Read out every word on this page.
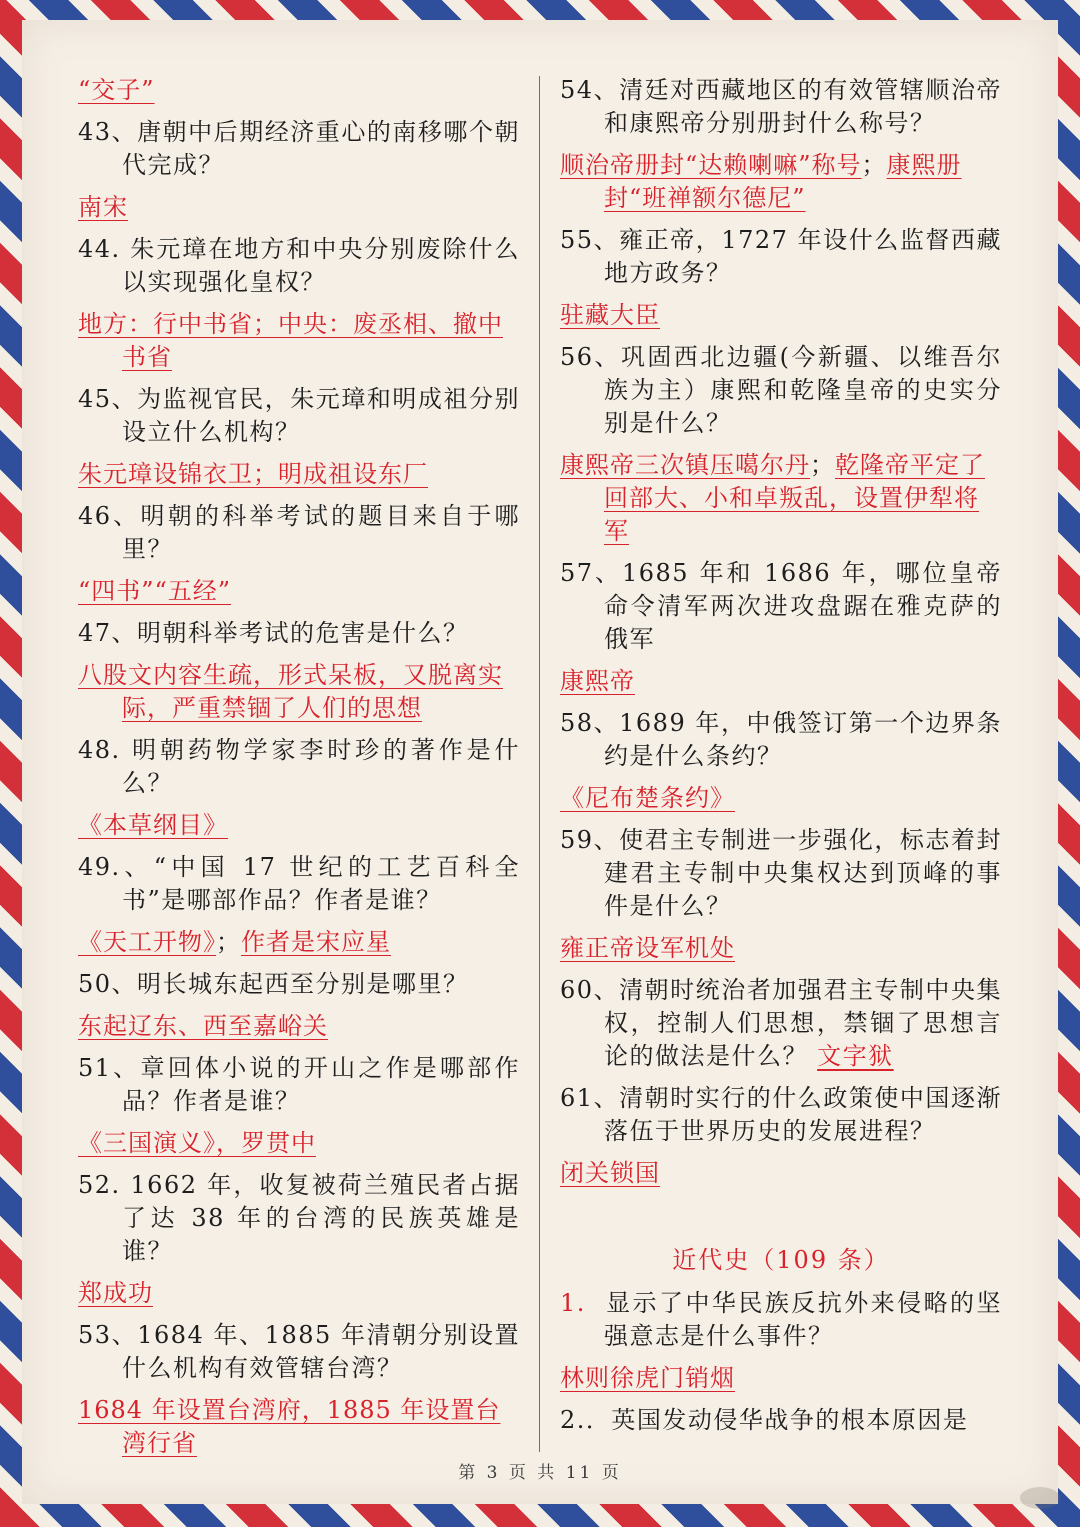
“交子”
43、唐朝中后期经济重心的南移哪个朝代完成？
南宋
44. 朱元璋在地方和中央分别废除什么以实现强化皇权？
地方：行中书省；中央：废丞相、撤中书省
45、为监视官民，朱元璋和明成祖分别设立什么机构？
朱元璋设锦衣卫；明成祖设东厂
46、明朝的科举考试的题目来自于哪里？
“四书”“五经”
47、明朝科举考试的危害是什么？
八股文内容生疏，形式呆板，又脱离实际，严重禁锢了人们的思想
48. 明朝药物学家李时珍的著作是什么？
《本草纲目》
49.、“中国 17 世纪的工艺百科全书”是哪部作品？作者是谁？
《天工开物》；作者是宋应星
50、明长城东起西至分别是哪里？
东起辽东、西至嘉峪关
51、章回体小说的开山之作是哪部作品？作者是谁？
《三国演义》，罗贯中
52. 1662 年，收复被荷兰殖民者占据了达 38 年的台湾的民族英雄是谁？
郑成功
53、1684 年、1885 年清朝分别设置什么机构有效管辖台湾？
1684 年设置台湾府，1885 年设置台湾行省
54、清廷对西藏地区的有效管辖顺治帝和康熙帝分别册封什么称号？
顺治帝册封“达赖喇嘛”称号；康熙册封“班禅额尔德尼”
55、雍正帝，1727 年设什么监督西藏地方政务？
驻藏大臣
56、巩固西北边疆(今新疆、以维吾尔族为主）康熙和乾隆皇帝的史实分别是什么？
康熙帝三次镇压噶尔丹；乾隆帝平定了回部大、小和卓叛乱，设置伊犁将军
57、1685 年和 1686 年，哪位皇帝命令清军两次进攻盘踞在雅克萨的俄军
康熙帝
58、1689 年，中俄签订第一个边界条约是什么条约？
《尼布楚条约》
59、使君主专制进一步强化，标志着封建君主专制中央集权达到顶峰的事件是什么？
雍正帝设军机处
60、清朝时统治者加强君主专制中央集权，控制人们思想，禁锢了思想言论的做法是什么？ 文字狱
61、清朝时实行的什么政策使中国逐渐落伍于世界历史的发展进程？
闭关锁国
近代史（109 条）
1. 显示了中华民族反抗外来侵略的坚强意志是什么事件？
林则徐虎门销烟
2.．英国发动侵华战争的根本原因是
第 3 页 共 11 页
